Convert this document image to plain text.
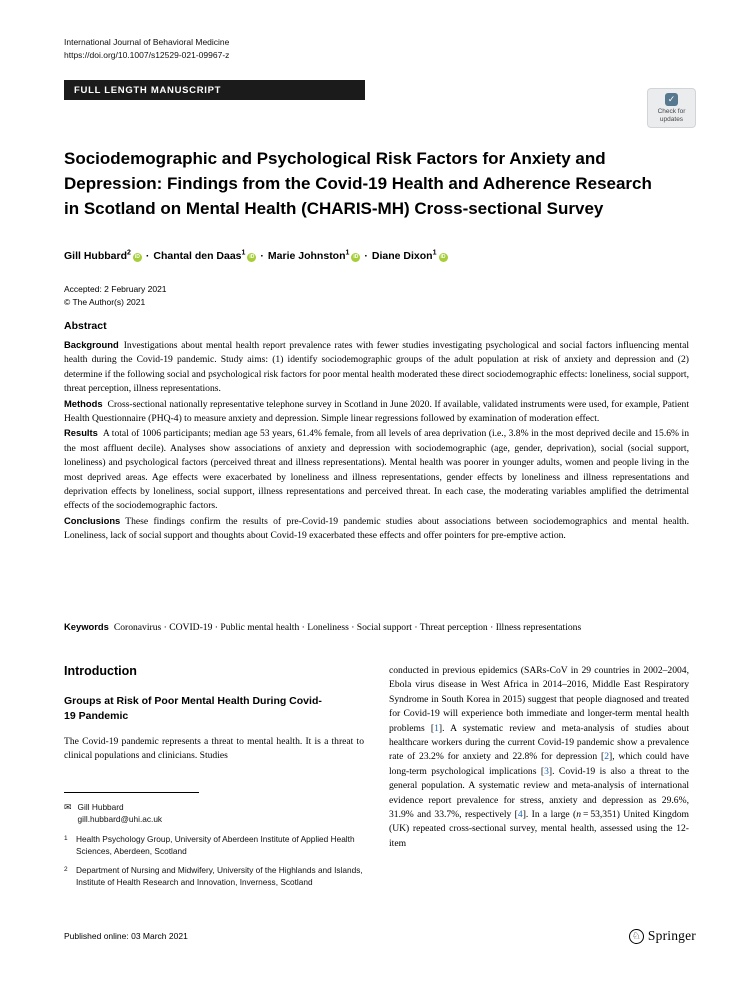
International Journal of Behavioral Medicine
https://doi.org/10.1007/s12529-021-09967-z
FULL LENGTH MANUSCRIPT
✓
Check for updates
Sociodemographic and Psychological Risk Factors for Anxiety and Depression: Findings from the Covid-19 Health and Adherence Research in Scotland on Mental Health (CHARIS-MH) Cross-sectional Survey
Gill Hubbard$^2$iD · Chantal den Daas$^1$iD · Marie Johnston$^1$iD · Diane Dixon$^1$iD
Accepted: 2 February 2021
© The Author(s) 2021
Abstract

Background Investigations about mental health report prevalence rates with fewer studies investigating psychological and social factors influencing mental health during the Covid-19 pandemic. Study aims: (1) identify sociodemographic groups of the adult population at risk of anxiety and depression and (2) determine if the following social and psychological risk factors for poor mental health moderated these direct sociodemographic effects: loneliness, social support, threat perception, illness representations.

Methods Cross-sectional nationally representative telephone survey in Scotland in June 2020. If available, validated instruments were used, for example, Patient Health Questionnaire (PHQ-4) to measure anxiety and depression. Simple linear regressions followed by examination of moderation effect.

Results A total of 1006 participants; median age 53 years, 61.4% female, from all levels of area deprivation (i.e., 3.8% in the most deprived decile and 15.6% in the most affluent decile). Analyses show associations of anxiety and depression with sociodemographic (age, gender, deprivation), social (social support, loneliness) and psychological factors (perceived threat and illness representations). Mental health was poorer in younger adults, women and people living in the most deprived areas. Age effects were exacerbated by loneliness and illness representations, gender effects by loneliness and illness representations and deprivation effects by loneliness, social support, illness representations and perceived threat. In each case, the moderating variables amplified the detrimental effects of the sociodemographic factors.

Conclusions These findings confirm the results of pre-Covid-19 pandemic studies about associations between sociodemographics and mental health. Loneliness, lack of social support and thoughts about Covid-19 exacerbated these effects and offer pointers for pre-emptive action.

Keywords Coronavirus · COVID-19 · Public mental health · Loneliness · Social support · Threat perception · Illness representations
Introduction
Groups at Risk of Poor Mental Health During Covid-19 Pandemic

The Covid-19 pandemic represents a threat to mental health. It is a threat to clinical populations and clinicians. Studies

conducted in previous epidemics (SARs-CoV in 29 countries in 2002–2004, Ebola virus disease in West Africa in 2014–2016, Middle East Respiratory Syndrome in South Korea in 2015) suggest that people diagnosed and treated for Covid-19 will experience both immediate and longer-term mental health problems [1]. A systematic review and meta-analysis of studies about healthcare workers during the current Covid-19 pandemic show a prevalence rate of 23.2% for anxiety and 22.8% for depression [2], which could have long-term psychological implications [3]. Covid-19 is also a threat to the general population. A systematic review and meta-analysis of international evidence report prevalence for stress, anxiety and depression as 29.6%, 31.9% and 33.7%, respectively [4]. In a large (n = 53,351) United Kingdom (UK) repeated cross-sectional survey, mental health, assessed using the 12-item

✉ Gill Hubbard
gill.hubbard@uhi.ac.uk
1 Health Psychology Group, University of Aberdeen Institute of Applied Health Sciences, Aberdeen, Scotland
2 Department of Nursing and Midwifery, University of the Highlands and Islands, Institute of Health Research and Innovation, Inverness, Scotland
Published online: 03 March 2021	♘ Springer
